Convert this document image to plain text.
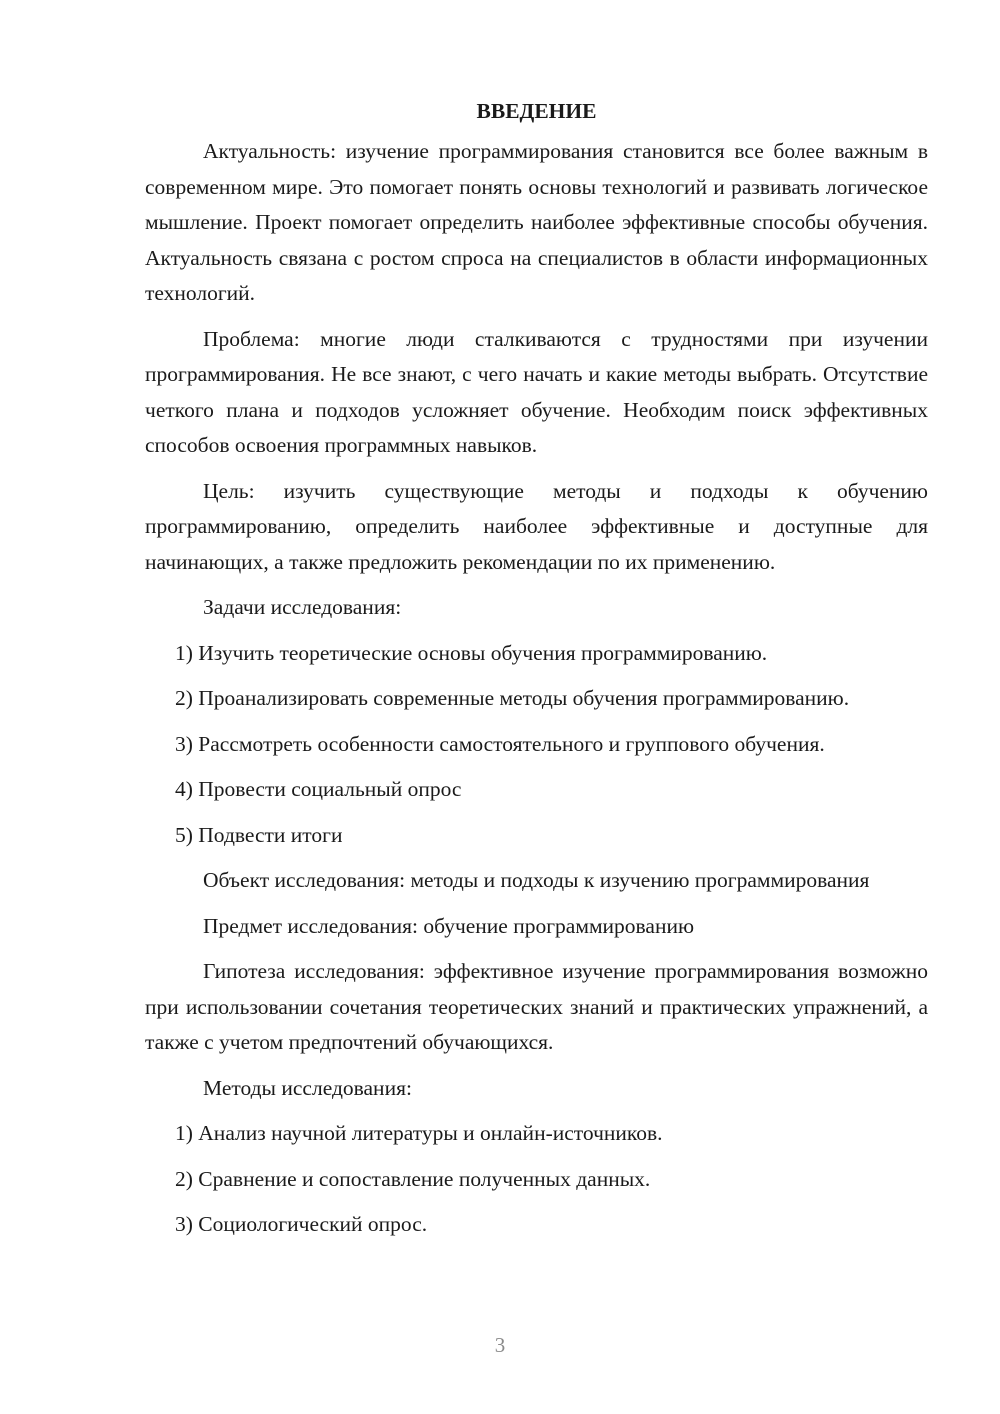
ВВЕДЕНИЕ

Актуальность: изучение программирования становится все более важным в современном мире. Это помогает понять основы технологий и развивать логическое мышление. Проект помогает определить наиболее эффективные способы обучения. Актуальность связана с ростом спроса на специалистов в области информационных технологий.

Проблема: многие люди сталкиваются с трудностями при изучении программирования. Не все знают, с чего начать и какие методы выбрать. Отсутствие четкого плана и подходов усложняет обучение. Необходим поиск эффективных способов освоения программных навыков.

Цель: изучить существующие методы и подходы к обучению программированию, определить наиболее эффективные и доступные для начинающих, а также предложить рекомендации по их применению.

Задачи исследования:

1) Изучить теоретические основы обучения программированию.

2) Проанализировать современные методы обучения программированию.

3) Рассмотреть особенности самостоятельного и группового обучения.

4) Провести социальный опрос

5) Подвести итоги

Объект исследования: методы и подходы к изучению программирования

Предмет исследования: обучение программированию

Гипотеза исследования: эффективное изучение программирования возможно при использовании сочетания теоретических знаний и практических упражнений, а также с учетом предпочтений обучающихся.

Методы исследования:

1) Анализ научной литературы и онлайн-источников.

2) Сравнение и сопоставление полученных данных.

3) Социологический опрос.

3
